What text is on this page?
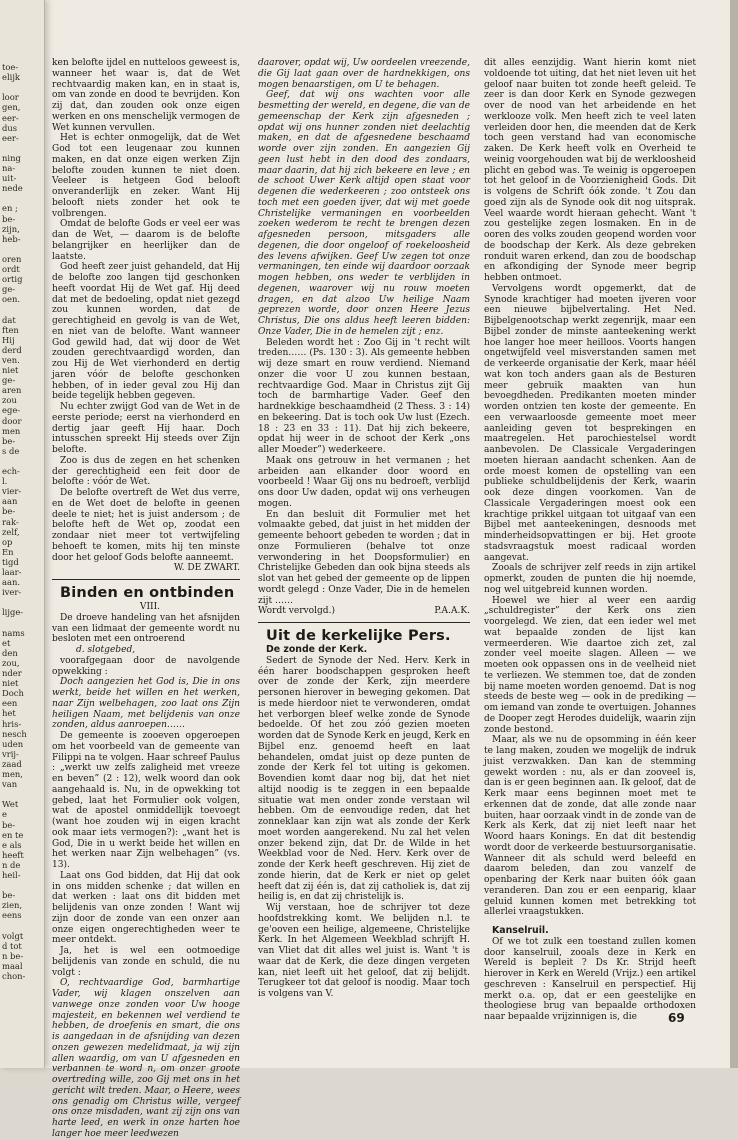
toe-
elijk
loor
gen,
eer-
dus
eer-
ning
na-
uit-
nede
en ;
be-
zijn,
heb-
oren
ordt
ortig
ge-
oen.
dat
ften
Hij
derd
ven.
niet
ge-
aren
zou
ege-
door
men
be-
s de
ech-
l.
vier-
aan
be-
rak-
zelf,
op
En
tigd
laar-
aan.
iver-
lijge-
nams
et
den
zou,
nder
niet
Doch
een
het
hris-
nesch
uden
vrij-
zaad
men,
van
Wet
e
be-
en te
e als
heeft
n de
heil-
be-
zien,
eens
volgt
d tot
n be-
maal
chon-

ken belofte ijdel en nutteloos geweest is, wanneer het waar is, dat de Wet rechtvaardig maken kan, en in staat is, om van zonde en dood te bevrijden. Kon zij dat, dan zouden ook onze eigen werken en ons menschelijk vermogen de Wet kunnen vervullen.

Het is echter onmogelijk, dat de Wet God tot een leugenaar zou kunnen maken, en dat onze eigen werken Zijn belofte zouden kunnen te niet doen. Veeleer is hetgeen God belooft onveranderlijk en zeker. Want Hij belooft niets zonder het ook te volbrengen.

Omdat de belofte Gods er veel eer was dan de Wet, — daarom is de belofte belangrijker en heerlijker dan de laatste.

God heeft zeer juist gehandeld, dat Hij de belofte zoo langen tijd geschonken heeft voordat Hij de Wet gaf. Hij deed dat met de bedoeling, opdat niet gezegd zou kunnen worden, dat de gerechtigheid en gevolg is van de Wet, en niet van de belofte. Want wanneer God gewild had, dat wij door de Wet zouden gerechtvaardigd worden, dan zou Hij de Wet vierhonderd en dertig jaren vóór de belofte geschonken hebben, of in ieder geval zou Hij dan beide tegelijk hebben gegeven.

Nu echter zwijgt God van de Wet in de eerste periode; eerst na vierhonderd en dertig jaar geeft Hij haar. Doch intusschen spreekt Hij steeds over Zijn belofte.

Zoo is dus de zegen en het schenken der gerechtigheid een feit door de belofte : vóór de Wet.

De belofte overtreft de Wet dus verre, en de Wet doet de belofte in geenen deele te niet; het is juist andersom ; de belofte heft de Wet op, zoodat een zondaar niet meer tot vertwijfeling behoeft te komen, mits hij ten minste door het geloof Gods belofte aanneemt.

W. DE ZWART.

Binden en ontbinden

VIII.

De droeve handeling van het afsnijden van een lidmaat der gemeente wordt nu besloten met een ontroerend

d. slotgebed,

voorafgegaan door de navolgende opwekking :

Doch aangezien het God is, Die in ons werkt, beide het willen en het werken, naar Zijn welbehagen, zoo laat ons Zijn heiligen Naam, met belijdenis van onze zonden, aldus aanroepen……

De gemeente is zooeven opgeroepen om het voorbeeld van de gemeente van Filippi na te volgen. Haar schreef Paulus : „werkt uw zelfs zaligheid met vreeze en beven” (2 : 12), welk woord dan ook aangehaald is. Nu, in de opwekking tot gebed, laat het Formulier ook volgen, wat de apostel onmiddellijk toevoegt (want hoe zouden wij in eigen kracht ook maar iets vermogen?): „want het is God, Die in u werkt beide het willen en het werken naar Zijn welbehagen” (vs. 13).

Laat ons God bidden, dat Hij dat ook in ons midden schenke ; dat willen en dat werken : laat ons dit bidden met belijdenis van onze zonden ! Want wij zijn door de zonde van een onzer aan onze eigen ongerechtigheden weer te meer ontdekt.

Ja, het is wel een ootmoedige belijdenis van zonde en schuld, die nu volgt :

O, rechtvaardige God, barmhartige Vader, wij klagen onszelven aan vanwege onze zonden voor Uw hooge majesteit, en bekennen wel verdiend te hebben, de droefenis en smart, die ons is aangedaan in de afsnijding van dezen onzen gewezen medelidmaat, ja wij zijn allen waardig, om van U afgesneden en verbannen te word n, om onzer groote overtreding wille, zoo Gij met ons in het gericht wilt treden. Maar, o Heere, wees ons genadig om Christus wille, vergeef ons onze misdaden, want zij zijn ons van harte leed, en werk in onze harten hoe langer hoe meer leedwezen

daarover, opdat wij, Uw oordeelen vreezende, die Gij laat gaan over de hardnekkigen, ons mogen benaarstigen, om U te behagen.

Geef, dat wij ons wachten voor alle besmetting der wereld, en degene, die van de gemeenschap der Kerk zijn afgesneden ; opdat wij ons hunner zonden niet deelachtig maken, en dat de afgesnedene beschaamd worde over zijn zonden. En aangezien Gij geen lust hebt in den dood des zondaars, maar daarin, dat hij zich bekeere en leve ; en de schoot Uwer Kerk altijd open staat voor degenen die wederkeeren ; zoo ontsteek ons toch met een goeden ijver, dat wij met goede Christelijke vermaningen en voorbeelden zoeken wederom te recht te brengen dezen afgesneden persoon, mitsgaders alle degenen, die door ongeloof of roekeloosheid des levens afwijken. Geef Uw zegen tot onze vermaningen, ten einde wij daardoor oorzaak mogen hebben, ons weder te verblijden in degenen, waarover wij nu rouw moeten dragen, en dat alzoo Uw heilige Naam geprezen worde, door onzen Heere Jezus Christus, Die ons aldus heeft leeren bidden: Onze Vader, Die in de hemelen zijt ; enz.

Beleden wordt het : Zoo Gij in 't recht wilt treden…… (Ps. 130 : 3). Als gemeente hebben wij deze smart en rouw verdiend. Niemand onzer die voor U zou kunnen bestaan, rechtvaardige God. Maar in Christus zijt Gij toch de barmhartige Vader. Geef den hardnekkige beschaamdheid (2 Thess. 3 : 14) en bekeering. Dat is toch ook Uw lust (Ezech. 18 : 23 en 33 : 11). Dat hij zich bekeere, opdat hij weer in de schoot der Kerk „ons aller Moeder”) wederkeere.

Maak ons getrouw in het vermanen ; het arbeiden aan elkander door woord en voorbeeld ! Waar Gij ons nu bedroeft, verblijd ons door Uw daden, opdat wij ons verheugen mogen.

En dan besluit dit Formulier met het volmaakte gebed, dat juist in het midden der gemeente behoort gebeden te worden ; dat in onze Formulieren (behalve tot onze verwondering in het Doopsformulier) en Christelijke Gebeden dan ook bijna steeds als slot van het gebed der gemeente op de lippen wordt gelegd : Onze Vader, Die in de hemelen zijt ……

Wordt vervolgd.)	P.A.A.K.

Uit de kerkelijke Pers.

De zonde der Kerk.

Sedert de Synode der Ned. Herv. Kerk in één harer boodschappen gesproken heeft over de zonde der Kerk, zijn meerdere personen hierover in beweging gekomen. Dat is mede hierdoor niet te verwonderen, omdat het verborgen bleef welke zonde de Synode bedoelde. Of het zou zóó gezien moeten worden dat de Synode Kerk en jeugd, Kerk en Bijbel enz. genoemd heeft en laat behandelen, omdat juist op deze punten de zonde der Kerk fel tot uiting is gekomen. Bovendien komt daar nog bij, dat het niet altijd noodig is te zeggen in een bepaalde situatie wat men onder zonde verstaan wil hebben. Om de eenvoudige reden, dat het zonneklaar kan zijn wat als zonde der Kerk moet worden aangerekend. Nu zal het velen onzer bekend zijn, dat Dr. de Wilde in het Weekblad voor de Ned. Herv. Kerk over de zonde der Kerk heeft geschreven. Hij ziet de zonde hierin, dat de Kerk er niet op gelet heeft dat zij één is, dat zij catholiek is, dat zij heilig is, en dat zij christelijk is.

Wij verstaan, hoe de schrijver tot deze hoofdstrekking komt. We belijden n.l. te ge'ooven een heilige, algemeene, Christelijke Kerk. In het Algemeen Weekblad schrijft H. van Vliet dat dit alles wel juist is. Want 't is waar dat de Kerk, die deze dingen vergeten kan, niet leeft uit het geloof, dat zij belijdt. Terugkeer tot dat geloof is noodig. Maar toch is volgens van V.

dit alles eenzijdig. Want hierin komt niet voldoende tot uiting, dat het niet leven uit het geloof naar buiten tot zonde heeft geleid. Te zeer is dan door Kerk en Synode gezwegen over de nood van het arbeidende en het werklooze volk. Men heeft zich te veel laten verleiden door hen, die meenden dat de Kerk toch geen verstand had van economische zaken. De Kerk heeft volk en Overheid te weinig voorgehouden wat bij de werkloosheid plicht en gebod was. Te weinig is opgeroepen tot het geloof in de Voorzienigheid Gods. Dit is volgens de Schrift óók zonde. 't Zou dan goed zijn als de Synode ook dit nog uitsprak. Veel waarde wordt hieraan gehecht. Want 't zou gestelijke zegen losmaken. En in de ooren des volks zouden geopend worden voor de boodschap der Kerk. Als deze gebreken ronduit waren erkend, dan zou de boodschap en afkondiging der Synode meer begrip hebben ontmoet.

Vervolgens wordt opgemerkt, dat de Synode krachtiger had moeten ijveren voor een nieuwe bijbelvertaling. Het Ned. Bijbelgenootschap werkt zegenrijk, maar een Bijbel zonder de minste aanteekening werkt hoe langer hoe meer heilloos. Voorts hangen ongetwijfeld veel misverstanden samen met de verkeerde organisatie der Kerk, maar héél wat kon toch anders gaan als de Besturen meer gebruik maakten van hun bevoegdheden. Predikanten moeten minder worden ontzien ten koste der gemeente. En een verwaarloosde gemeente moet meer aanleiding geven tot besprekingen en maatregelen. Het parochiestelsel wordt aanbevolen. De Classicale Vergaderingen moeten hieraan aandacht schenken. Aan de orde moest komen de opstelling van een publieke schuldbelijdenis der Kerk, waarin ook deze dingen voorkomen. Van de Classicale Vergaderingen moest ook een krachtige prikkel uitgaan tot uitgaaf van een Bijbel met aanteekeningen, desnoods met minderheidsopvattingen er bij. Het groote stadsvraagstuk moest radicaal worden aangevat.

Zooals de schrijver zelf reeds in zijn artikel opmerkt, zouden de punten die hij noemde, nog wel uitgebreid kunnen worden.

Hoewel we hier al weer een aardig „schuldregister” der Kerk ons zien voorgelegd. We zien, dat een ieder wel met wat bepaalde zonden de lijst kan vermeerderen. Wie daartoe zich zet, zal zonder veel moeite slagen. Alleen — we moeten ook oppassen ons in de veelheid niet te verliezen. We stemmen toe, dat de zonden bij name moeten worden genoemd. Dat is nog steeds de beste weg — ook in de prediking — om iemand van zonde te overtuigen. Johannes de Dooper zegt Herodes duidelijk, waarin zijn zonde bestond.

Maar, als we nu de opsomming in één keer te lang maken, zouden we mogelijk de indruk juist verzwakken. Dan kan de stemming gewekt worden : nu, als er dan zooveel is, dan is er geen beginnen aan. Ik geloof, dat de Kerk maar eens beginnen moet met te erkennen dat de zonde, dat alle zonde naar buiten, haar oorzaak vindt in de zonde van de Kerk als Kerk, dat zij niet leeft naar het Woord haars Konings. En dat dit bestendig wordt door de verkeerde bestuursorganisatie. Wanneer dit als schuld werd beleefd en daarom beleden, dan zou vanzelf de openbaring der Kerk naar buiten óók gaan veranderen. Dan zou er een eenparig, klaar geluid kunnen komen met betrekking tot allerlei vraagstukken.

Kanselruil.

Of we tot zulk een toestand zullen komen door kanselruil, zooals deze in Kerk en Wereld is bepleit ? Ds Kr. Strijd heeft hierover in Kerk en Wereld (Vrijz.) een artikel geschreven : Kanselruil en perspectief. Hij merkt o.a. op, dat er een geestelijke en theologiese brug van bepaalde orthodoxen naar bepaalde vrijzinnigen is, die	69
